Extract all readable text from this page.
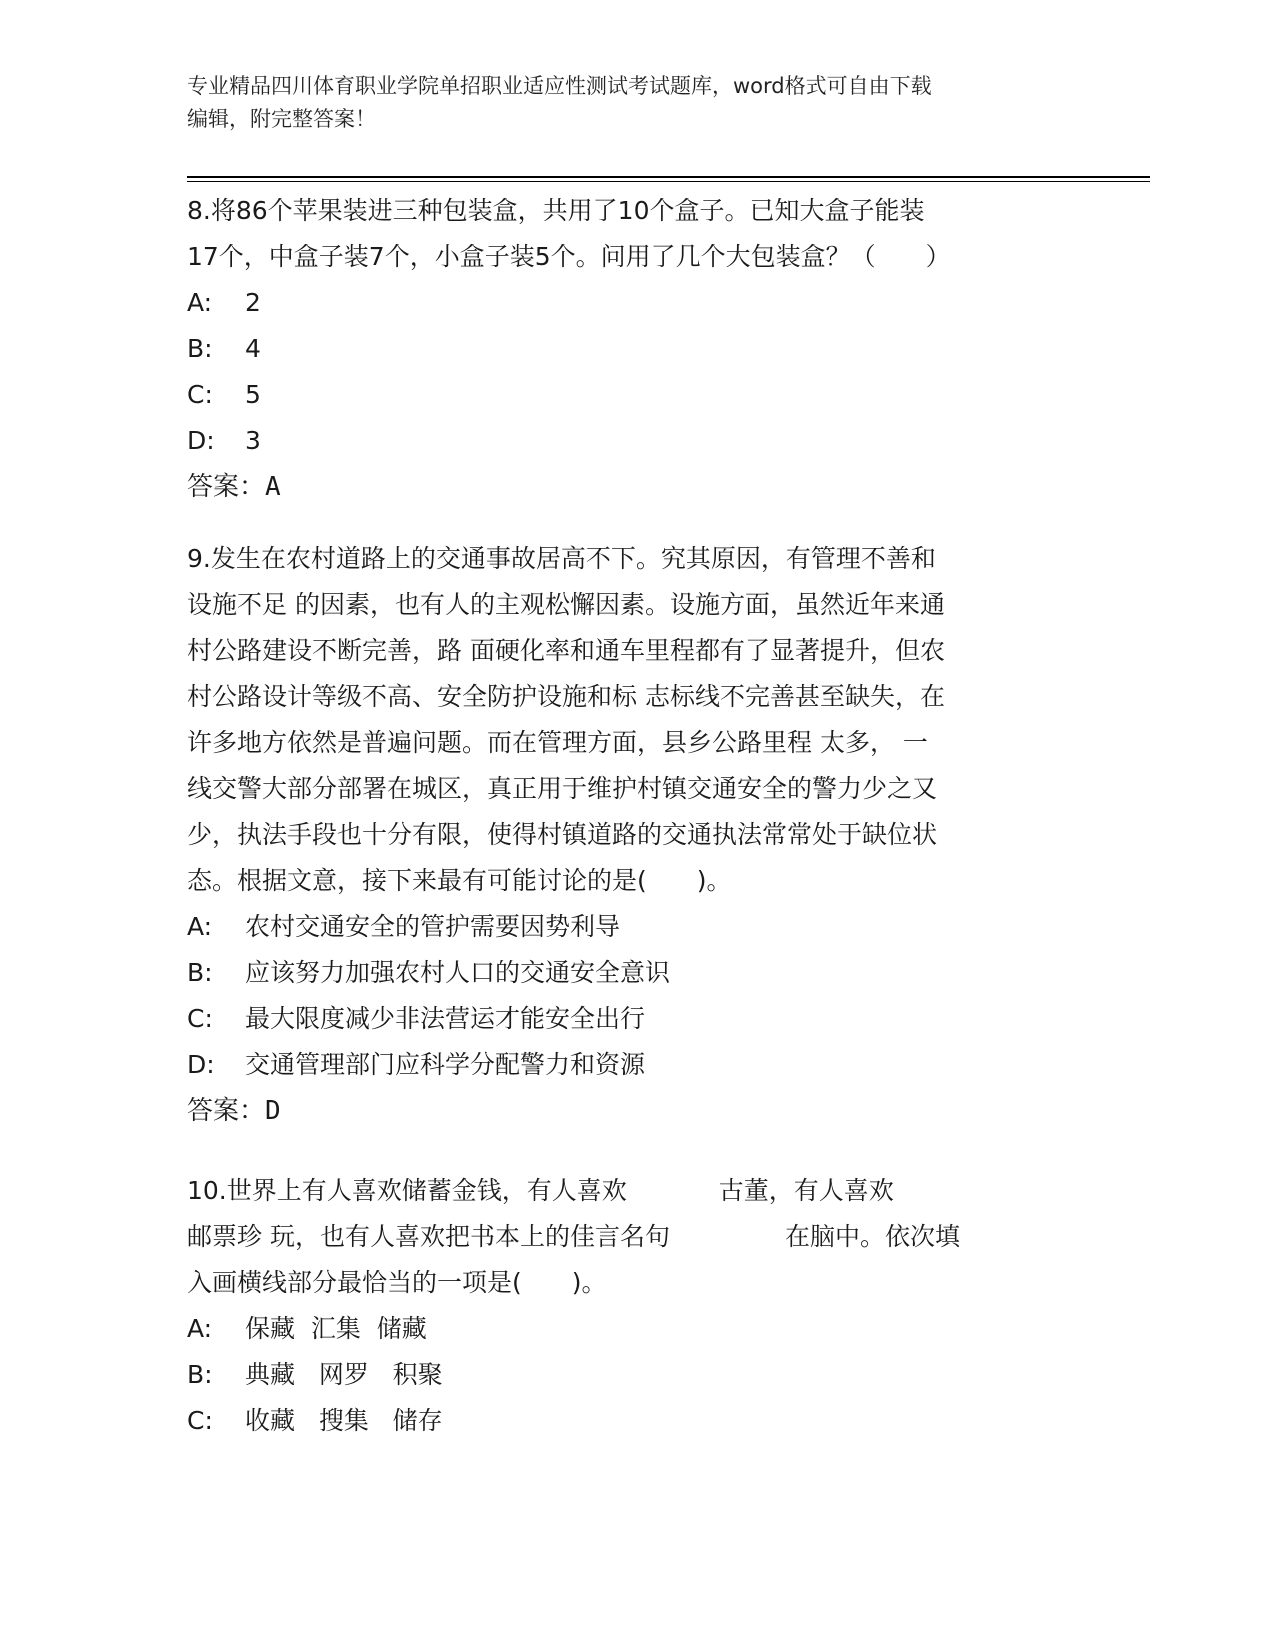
专业精品四川体育职业学院单招职业适应性测试考试题库，word格式可自由下载
编辑，附完整答案！
8.将86个苹果装进三种包装盒，共用了10个盒子。已知大盒子能装
17个，中盒子装7个，小盒子装5个。问用了几个大包装盒？（　　）
A: 2
B: 4
C: 5
D: 3
答案：A
9.发生在农村道路上的交通事故居高不下。究其原因，有管理不善和
设施不足 的因素，也有人的主观松懈因素。设施方面，虽然近年来通
村公路建设不断完善，路 面硬化率和通车里程都有了显著提升，但农
村公路设计等级不高、安全防护设施和标 志标线不完善甚至缺失，在
许多地方依然是普遍问题。而在管理方面，县乡公路里程 太多， 一
线交警大部分部署在城区，真正用于维护村镇交通安全的警力少之又
少，执法手段也十分有限，使得村镇道路的交通执法常常处于缺位状
态。根据文意，接下来最有可能讨论的是(　　)。
A: 农村交通安全的管护需要因势利导
B: 应该努力加强农村人口的交通安全意识
C: 最大限度减少非法营运才能安全出行
D: 交通管理部门应科学分配警力和资源
答案：D
10.世界上有人喜欢储蓄金钱，有人喜欢	古董，有人喜欢
邮票珍 玩，也有人喜欢把书本上的佳言名句	在脑中。依次填
入画横线部分最恰当的一项是(　　)。
A: 保藏  汇集  储藏
B: 典藏   网罗   积聚
C: 收藏   搜集   储存
